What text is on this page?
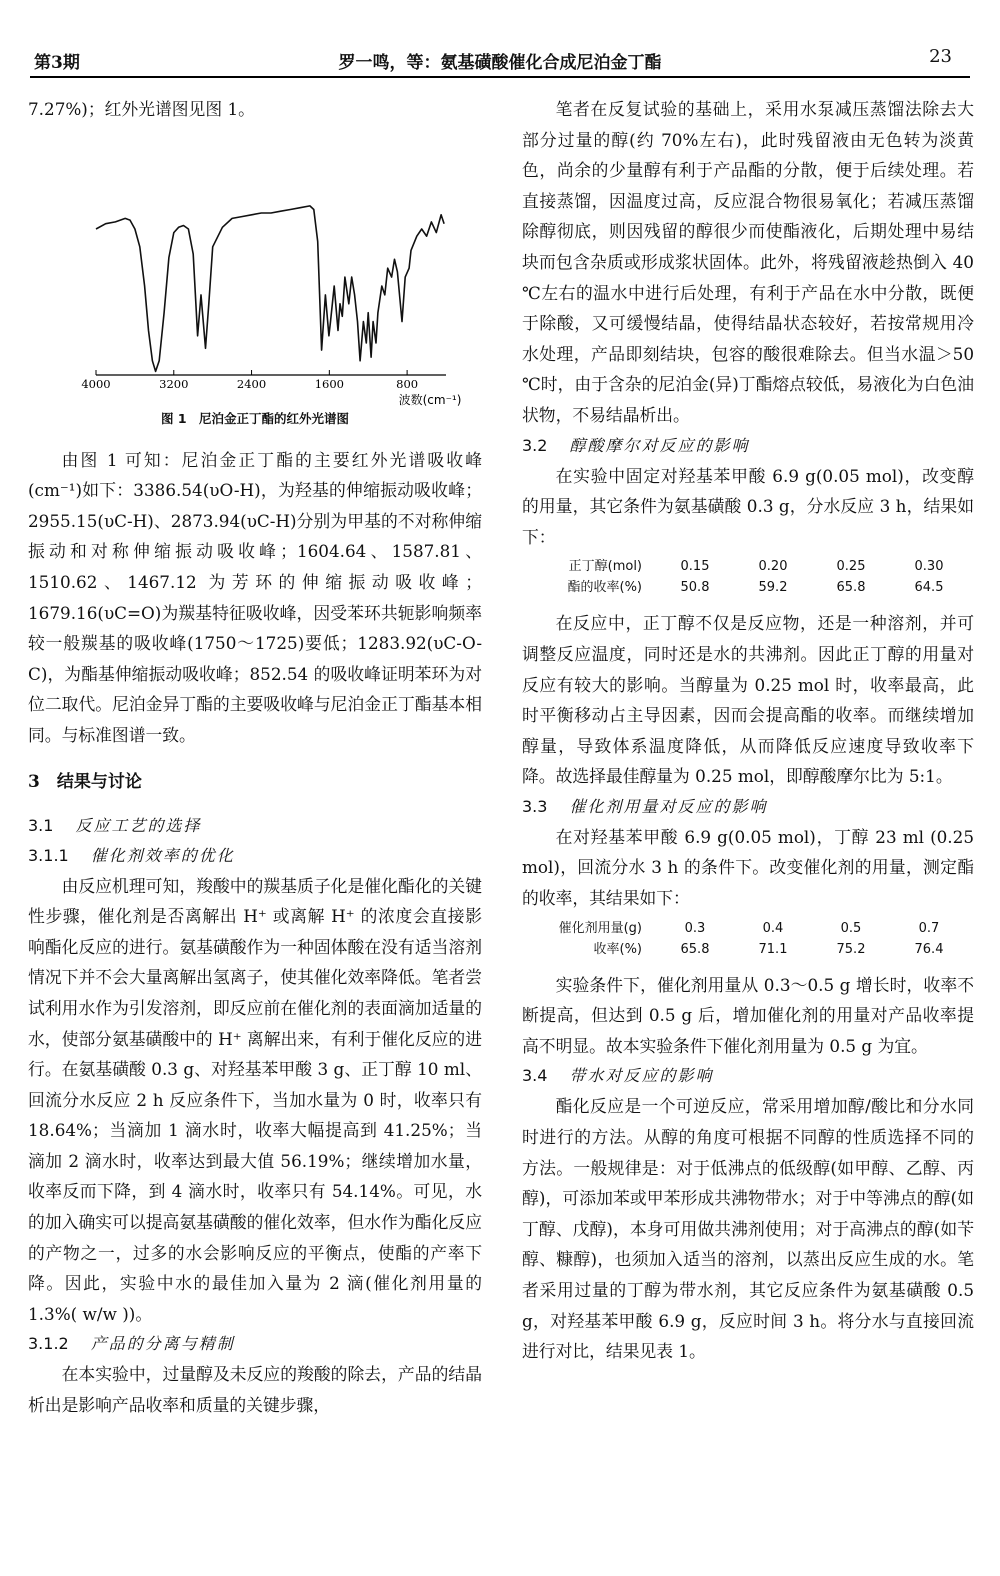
第3期	罗一鸣，等：氨基磺酸催化合成尼泊金丁酯	23

7.27%)；红外光谱图见图 1。

4000	3200	2400	1600	800
波数(cm⁻¹)
图 1　尼泊金正丁酯的红外光谱图

由图 1 可知：尼泊金正丁酯的主要红外光谱吸收峰(cm⁻¹)如下：3386.54(υO-H)，为羟基的伸缩振动吸收峰；2955.15(υC-H)、2873.94(υC-H)分别为甲基的不对称伸缩振动和对称伸缩振动吸收峰；1604.64、1587.81、1510.62、1467.12 为芳环的伸缩振动吸收峰；1679.16(υC=O)为羰基特征吸收峰，因受苯环共轭影响频率较一般羰基的吸收峰(1750～1725)要低；1283.92(υC-O-C)，为酯基伸缩振动吸收峰；852.54 的吸收峰证明苯环为对位二取代。尼泊金异丁酯的主要吸收峰与尼泊金正丁酯基本相同。与标准图谱一致。

3　结果与讨论
3.1 反应工艺的选择
3.1.1 催化剂效率的优化

由反应机理可知，羧酸中的羰基质子化是催化酯化的关键性步骤，催化剂是否离解出 H⁺ 或离解 H⁺ 的浓度会直接影响酯化反应的进行。氨基磺酸作为一种固体酸在没有适当溶剂情况下并不会大量离解出氢离子，使其催化效率降低。笔者尝试利用水作为引发溶剂，即反应前在催化剂的表面滴加适量的水，使部分氨基磺酸中的 H⁺ 离解出来，有利于催化反应的进行。在氨基磺酸 0.3 g、对羟基苯甲酸 3 g、正丁醇 10 ml、回流分水反应 2 h 反应条件下，当加水量为 0 时，收率只有 18.64%；当滴加 1 滴水时，收率大幅提高到 41.25%；当滴加 2 滴水时，收率达到最大值 56.19%；继续增加水量，收率反而下降，到 4 滴水时，收率只有 54.14%。可见，水的加入确实可以提高氨基磺酸的催化效率，但水作为酯化反应的产物之一，过多的水会影响反应的平衡点，使酯的产率下降。因此，实验中水的最佳加入量为 2 滴(催化剂用量的 1.3%( w/w ))。

3.1.2 产品的分离与精制

在本实验中，过量醇及未反应的羧酸的除去，产品的结晶析出是影响产品收率和质量的关键步骤，

笔者在反复试验的基础上，采用水泵减压蒸馏法除去大部分过量的醇(约 70%左右)，此时残留液由无色转为淡黄色，尚余的少量醇有利于产品酯的分散，便于后续处理。若直接蒸馏，因温度过高，反应混合物很易氧化；若减压蒸馏除醇彻底，则因残留的醇很少而使酯液化，后期处理中易结块而包含杂质或形成浆状固体。此外，将残留液趁热倒入 40 ℃左右的温水中进行后处理，有利于产品在水中分散，既便于除酸，又可缓慢结晶，使得结晶状态较好，若按常规用冷水处理，产品即刻结块，包容的酸很难除去。但当水温＞50 ℃时，由于含杂的尼泊金(异)丁酯熔点较低，易液化为白色油状物，不易结晶析出。

3.2 醇酸摩尔对反应的影响

在实验中固定对羟基苯甲酸 6.9 g(0.05 mol)，改变醇的用量，其它条件为氨基磺酸 0.3 g，分水反应 3 h，结果如下：

正丁醇(mol)	0.15	0.20	0.25	0.30
酯的收率(%)	50.8	59.2	65.8	64.5

在反应中，正丁醇不仅是反应物，还是一种溶剂，并可调整反应温度，同时还是水的共沸剂。因此正丁醇的用量对反应有较大的影响。当醇量为 0.25 mol 时，收率最高，此时平衡移动占主导因素，因而会提高酯的收率。而继续增加醇量，导致体系温度降低，从而降低反应速度导致收率下降。故选择最佳醇量为 0.25 mol，即醇酸摩尔比为 5:1。

3.3 催化剂用量对反应的影响

在对羟基苯甲酸 6.9 g(0.05 mol)，丁醇 23 ml (0.25 mol)，回流分水 3 h 的条件下。改变催化剂的用量，测定酯的收率，其结果如下：

催化剂用量(g)	0.3	0.4	0.5	0.7
收率(%)	65.8	71.1	75.2	76.4

实验条件下，催化剂用量从 0.3～0.5 g 增长时，收率不断提高，但达到 0.5 g 后，增加催化剂的用量对产品收率提高不明显。故本实验条件下催化剂用量为 0.5 g 为宜。

3.4 带水对反应的影响

酯化反应是一个可逆反应，常采用增加醇/酸比和分水同时进行的方法。从醇的角度可根据不同醇的性质选择不同的方法。一般规律是：对于低沸点的低级醇(如甲醇、乙醇、丙醇)，可添加苯或甲苯形成共沸物带水；对于中等沸点的醇(如丁醇、戊醇)，本身可用做共沸剂使用；对于高沸点的醇(如苄醇、糠醇)，也须加入适当的溶剂，以蒸出反应生成的水。笔者采用过量的丁醇为带水剂，其它反应条件为氨基磺酸 0.5 g，对羟基苯甲酸 6.9 g，反应时间 3 h。将分水与直接回流进行对比，结果见表 1。
